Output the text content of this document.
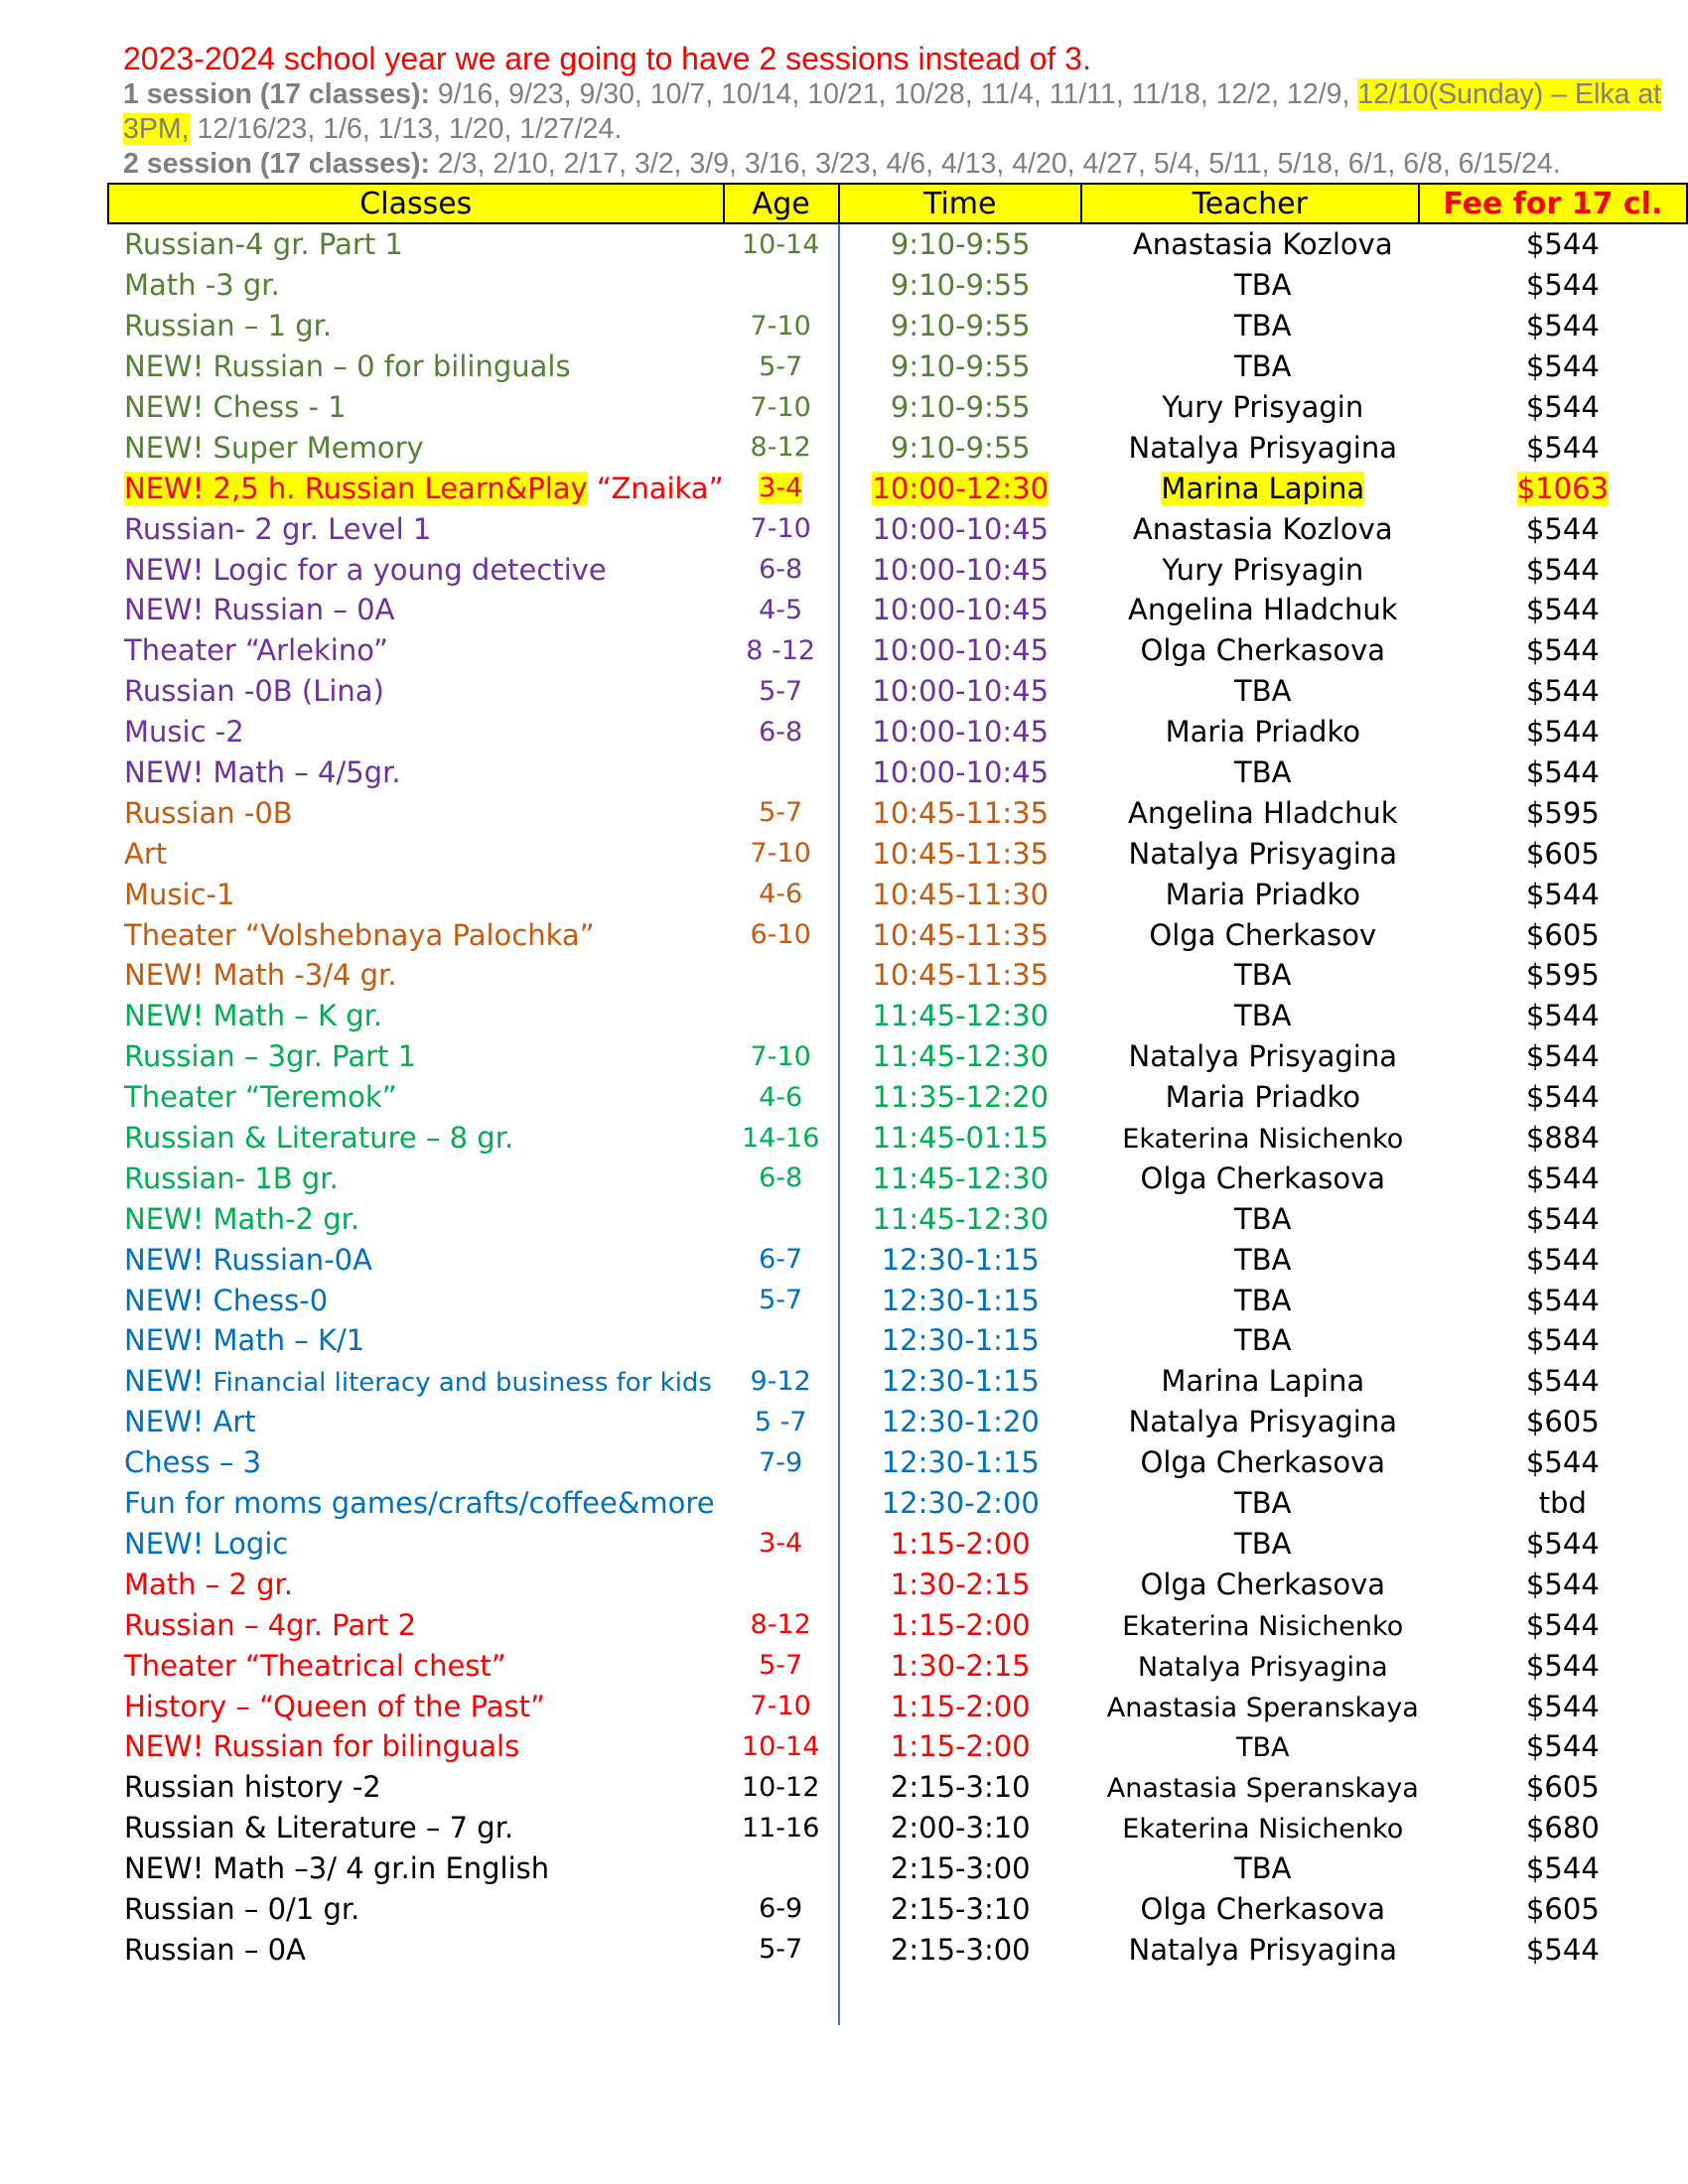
2023-2024 school year we are going to have 2 sessions instead of 3.

1 session (17 classes): 9/16, 9/23, 9/30, 10/7, 10/14, 10/21, 10/28, 11/4, 11/11, 11/18, 12/2, 12/9, 12/10(Sunday) – Elka at 3PM, 12/16/23, 1/6, 1/13, 1/20, 1/27/24.

2 session (17 classes): 2/3, 2/10, 2/17, 3/2, 3/9, 3/16, 3/23, 4/6, 4/13, 4/20, 4/27, 5/4, 5/11, 5/18, 6/1, 6/8, 6/15/24.

Classes	Age	Time	Teacher	Fee for 17 cl.
Russian-4 gr. Part 1	10-14	9:10-9:55	Anastasia Kozlova	$544
Math -3 gr.		9:10-9:55	TBA	$544
Russian – 1 gr.	7-10	9:10-9:55	TBA	$544
NEW! Russian – 0 for bilinguals	5-7	9:10-9:55	TBA	$544
NEW! Chess - 1	7-10	9:10-9:55	Yury Prisyagin	$544
NEW! Super Memory	8-12	9:10-9:55	Natalya Prisyagina	$544
NEW! 2,5 h. Russian Learn&Play “Znaika”	3-4	10:00-12:30	Marina Lapina	$1063
Russian- 2 gr. Level 1	7-10	10:00-10:45	Anastasia Kozlova	$544
NEW! Logic for a young detective	6-8	10:00-10:45	Yury Prisyagin	$544
NEW! Russian – 0A	4-5	10:00-10:45	Angelina Hladchuk	$544
Theater “Arlekino”	8 -12	10:00-10:45	Olga Cherkasova	$544
Russian -0B (Lina)	5-7	10:00-10:45	TBA	$544
Music -2	6-8	10:00-10:45	Maria Priadko	$544
NEW! Math – 4/5gr.		10:00-10:45	TBA	$544
Russian -0B	5-7	10:45-11:35	Angelina Hladchuk	$595
Art	7-10	10:45-11:35	Natalya Prisyagina	$605
Music-1	4-6	10:45-11:30	Maria Priadko	$544
Theater “Volshebnaya Palochka”	6-10	10:45-11:35	Olga Cherkasov	$605
NEW! Math -3/4 gr.		10:45-11:35	TBA	$595
NEW! Math – K gr.		11:45-12:30	TBA	$544
Russian – 3gr. Part 1	7-10	11:45-12:30	Natalya Prisyagina	$544
Theater “Teremok”	4-6	11:35-12:20	Maria Priadko	$544
Russian & Literature – 8 gr.	14-16	11:45-01:15	Ekaterina Nisichenko	$884
Russian- 1B gr.	6-8	11:45-12:30	Olga Cherkasova	$544
NEW! Math-2 gr.		11:45-12:30	TBA	$544
NEW! Russian-0A	6-7	12:30-1:15	TBA	$544
NEW! Chess-0	5-7	12:30-1:15	TBA	$544
NEW! Math – K/1		12:30-1:15	TBA	$544
NEW! Financial literacy and business for kids	9-12	12:30-1:15	Marina Lapina	$544
NEW! Art	5 -7	12:30-1:20	Natalya Prisyagina	$605
Chess – 3	7-9	12:30-1:15	Olga Cherkasova	$544
Fun for moms games/crafts/coffee&more		12:30-2:00	TBA	tbd
NEW! Logic	3-4	1:15-2:00	TBA	$544
Math – 2 gr.		1:30-2:15	Olga Cherkasova	$544
Russian – 4gr. Part 2	8-12	1:15-2:00	Ekaterina Nisichenko	$544
Theater “Theatrical chest”	5-7	1:30-2:15	Natalya Prisyagina	$544
History – “Queen of the Past”	7-10	1:15-2:00	Anastasia Speranskaya	$544
NEW! Russian for bilinguals	10-14	1:15-2:00	TBA	$544
Russian history -2	10-12	2:15-3:10	Anastasia Speranskaya	$605
Russian & Literature – 7 gr.	11-16	2:00-3:10	Ekaterina Nisichenko	$680
NEW! Math –3/ 4 gr.in English		2:15-3:00	TBA	$544
Russian – 0/1 gr.	6-9	2:15-3:10	Olga Cherkasova	$605
Russian – 0A	5-7	2:15-3:00	Natalya Prisyagina	$544
